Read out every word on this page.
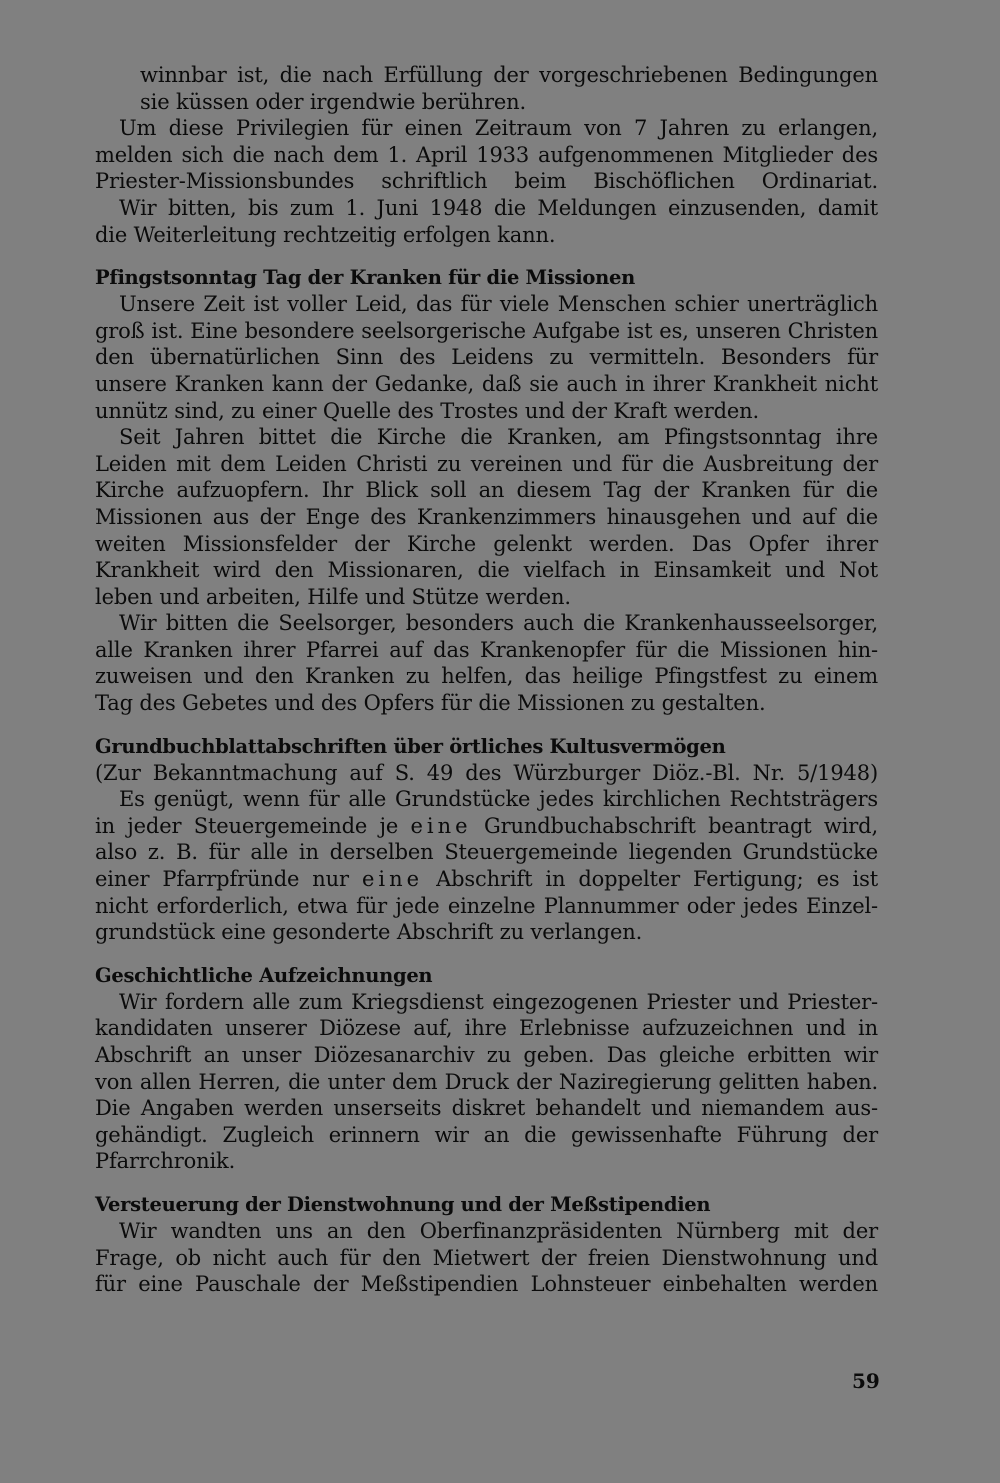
winnbar ist, die nach Erfüllung der vorgeschriebenen Bedingungen
sie küssen oder irgendwie berühren.
Um diese Privilegien für einen Zeitraum von 7 Jahren zu erlangen,
melden sich die nach dem 1. April 1933 aufgenommenen Mitglieder des
Priester-Missionsbundes schriftlich beim Bischöflichen Ordinariat.
Wir bitten, bis zum 1. Juni 1948 die Meldungen einzusenden, damit
die Weiterleitung rechtzeitig erfolgen kann.
Pfingstsonntag Tag der Kranken für die Missionen
Unsere Zeit ist voller Leid, das für viele Menschen schier unerträglich
groß ist. Eine besondere seelsorgerische Aufgabe ist es, unseren Christen
den übernatürlichen Sinn des Leidens zu vermitteln. Besonders für
unsere Kranken kann der Gedanke, daß sie auch in ihrer Krankheit nicht
unnütz sind, zu einer Quelle des Trostes und der Kraft werden.
Seit Jahren bittet die Kirche die Kranken, am Pfingstsonntag ihre
Leiden mit dem Leiden Christi zu vereinen und für die Ausbreitung der
Kirche aufzuopfern. Ihr Blick soll an diesem Tag der Kranken für die
Missionen aus der Enge des Krankenzimmers hinausgehen und auf die
weiten Missionsfelder der Kirche gelenkt werden. Das Opfer ihrer
Krankheit wird den Missionaren, die vielfach in Einsamkeit und Not
leben und arbeiten, Hilfe und Stütze werden.
Wir bitten die Seelsorger, besonders auch die Krankenhausseelsorger,
alle Kranken ihrer Pfarrei auf das Krankenopfer für die Missionen hin-
zuweisen und den Kranken zu helfen, das heilige Pfingstfest zu einem
Tag des Gebetes und des Opfers für die Missionen zu gestalten.
Grundbuchblattabschriften über örtliches Kultusvermögen
(Zur Bekanntmachung auf S. 49 des Würzburger Diöz.-Bl. Nr. 5/1948)
Es genügt, wenn für alle Grundstücke jedes kirchlichen Rechtsträgers
in jeder Steuergemeinde je eine Grundbuchabschrift beantragt wird,
also z. B. für alle in derselben Steuergemeinde liegenden Grundstücke
einer Pfarrpfründe nur eine Abschrift in doppelter Fertigung; es ist
nicht erforderlich, etwa für jede einzelne Plannummer oder jedes Einzel-
grundstück eine gesonderte Abschrift zu verlangen.
Geschichtliche Aufzeichnungen
Wir fordern alle zum Kriegsdienst eingezogenen Priester und Priester-
kandidaten unserer Diözese auf, ihre Erlebnisse aufzuzeichnen und in
Abschrift an unser Diözesanarchiv zu geben. Das gleiche erbitten wir
von allen Herren, die unter dem Druck der Naziregierung gelitten haben.
Die Angaben werden unserseits diskret behandelt und niemandem aus-
gehändigt. Zugleich erinnern wir an die gewissenhafte Führung der
Pfarrchronik.
Versteuerung der Dienstwohnung und der Meßstipendien
Wir wandten uns an den Oberfinanzpräsidenten Nürnberg mit der
Frage, ob nicht auch für den Mietwert der freien Dienstwohnung und
für eine Pauschale der Meßstipendien Lohnsteuer einbehalten werden
59
